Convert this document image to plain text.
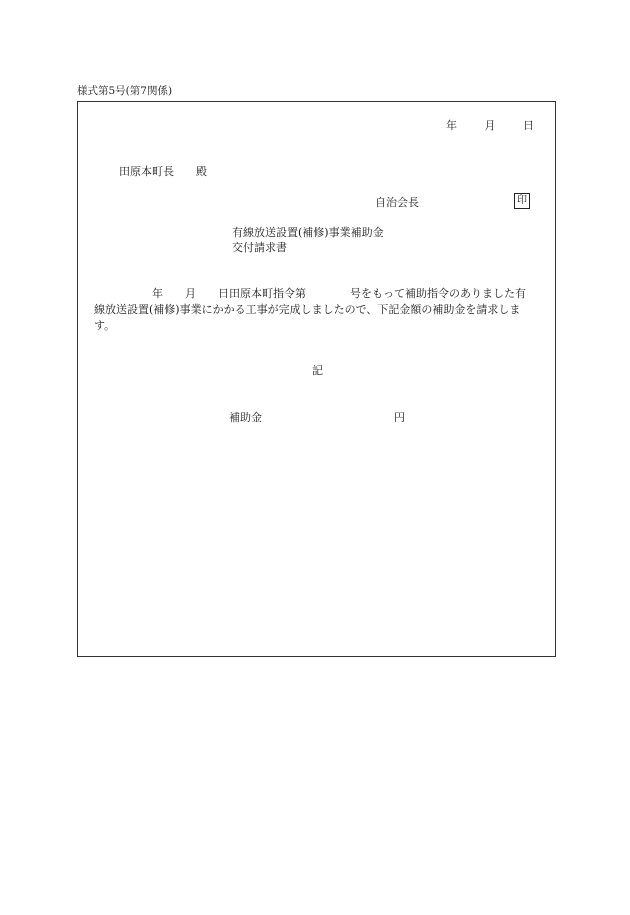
様式第5号(第7関係)
年	月	日
田原本町長 殿
自治会長	印
有線放送設置(補修)事業補助金
交付請求書
年　　月　　日田原本町指令第　　　　号をもって補助指令のありました有
線放送設置(補修)事業にかかる工事が完成しましたので、下記金額の補助金を請求しま
す。
記
補助金	円
